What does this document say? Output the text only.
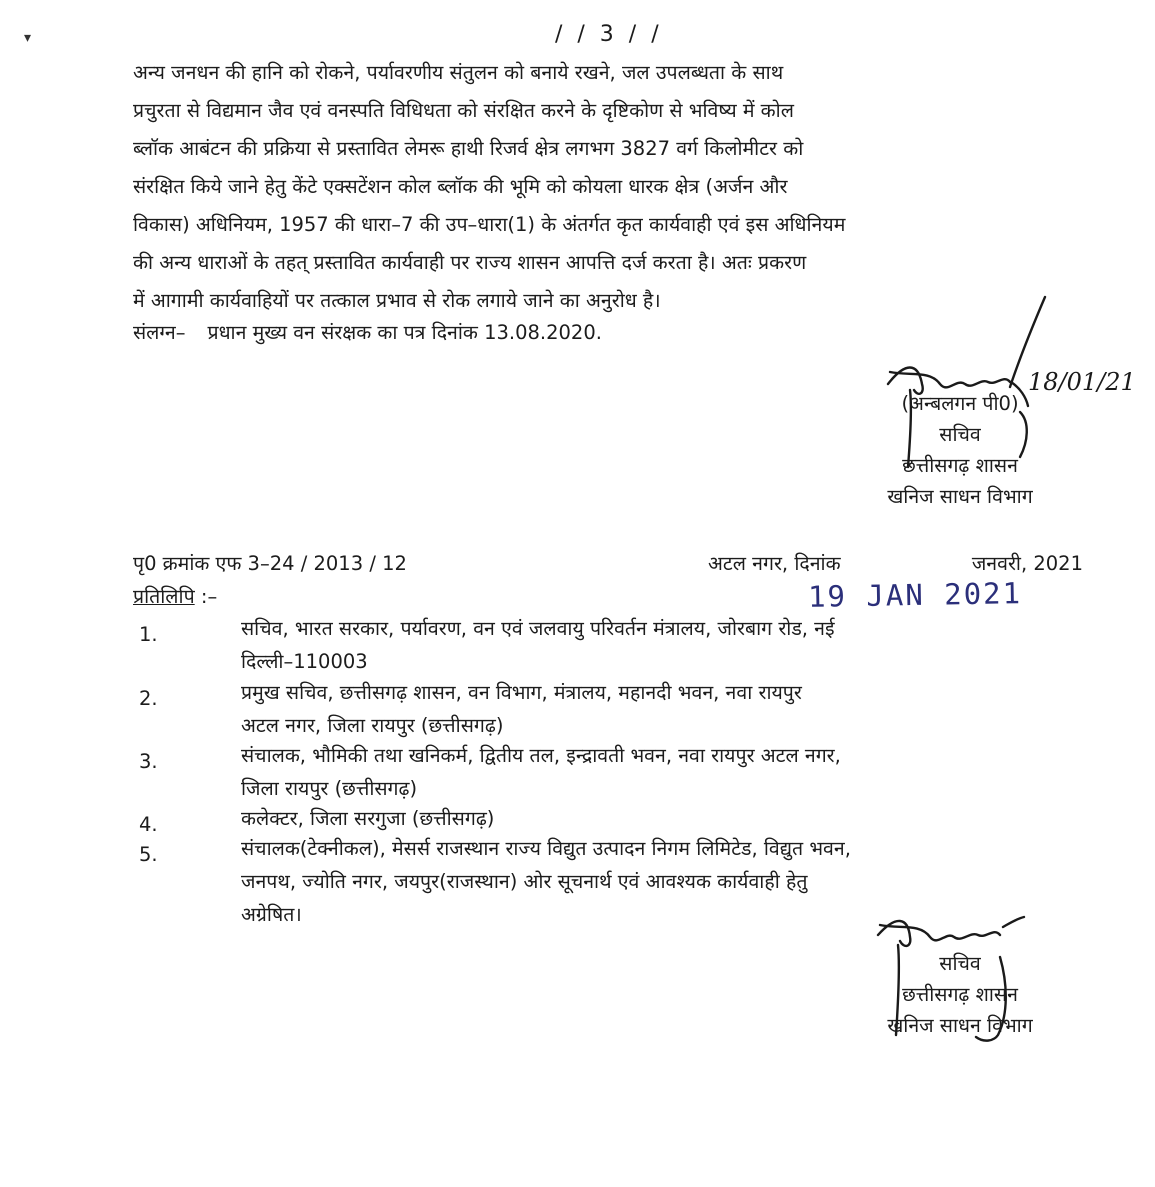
▾	/ / 3 / /
अन्य जनधन की हानि को रोकने, पर्यावरणीय संतुलन को बनाये रखने, जल उपलब्धता के साथ
प्रचुरता से विद्यमान जैव एवं वनस्पति विधिधता को संरक्षित करने के दृष्टिकोण से भविष्य में कोल
ब्लॉक आबंटन की प्रक्रिया से प्रस्तावित लेमरू हाथी रिजर्व क्षेत्र लगभग 3827 वर्ग किलोमीटर को
संरक्षित किये जाने हेतु केंटे एक्सटेंशन कोल ब्लॉक की भूमि को कोयला धारक क्षेत्र (अर्जन और
विकास) अधिनियम, 1957 की धारा–7 की उप–धारा(1) के अंतर्गत कृत कार्यवाही एवं इस अधिनियम
की अन्य धाराओं के तहत् प्रस्तावित कार्यवाही पर राज्य शासन आपत्ति दर्ज करता है। अतः प्रकरण
में आगामी कार्यवाहियों पर तत्काल प्रभाव से रोक लगाये जाने का अनुरोध है।
संलग्न– प्रधान मुख्य वन संरक्षक का पत्र दिनांक 13.08.2020.
18/01/21
(अन्बलगन पी0)
सचिव
छत्तीसगढ़ शासन
खनिज साधन विभाग
पृ0 क्रमांक एफ 3–24 / 2013 / 12	अटल नगर, दिनांक	जनवरी, 2021
प्रतिलिपि :–	19 JAN 2021
1.	सचिव, भारत सरकार, पर्यावरण, वन एवं जलवायु परिवर्तन मंत्रालय, जोरबाग रोड, नई
दिल्ली–110003
2.	प्रमुख सचिव, छत्तीसगढ़ शासन, वन विभाग, मंत्रालय, महानदी भवन, नवा रायपुर
अटल नगर, जिला रायपुर (छत्तीसगढ़)
3.	संचालक, भौमिकी तथा खनिकर्म, द्वितीय तल, इन्द्रावती भवन, नवा रायपुर अटल नगर,
जिला रायपुर (छत्तीसगढ़)
4.	कलेक्टर, जिला सरगुजा (छत्तीसगढ़)
5.	संचालक(टेक्नीकल), मेसर्स राजस्थान राज्य विद्युत उत्पादन निगम लिमिटेड, विद्युत भवन,
जनपथ, ज्योति नगर, जयपुर(राजस्थान) ओर सूचनार्थ एवं आवश्यक कार्यवाही हेतु
अग्रेषित।
सचिव
छत्तीसगढ़ शासन
खनिज साधन विभाग
